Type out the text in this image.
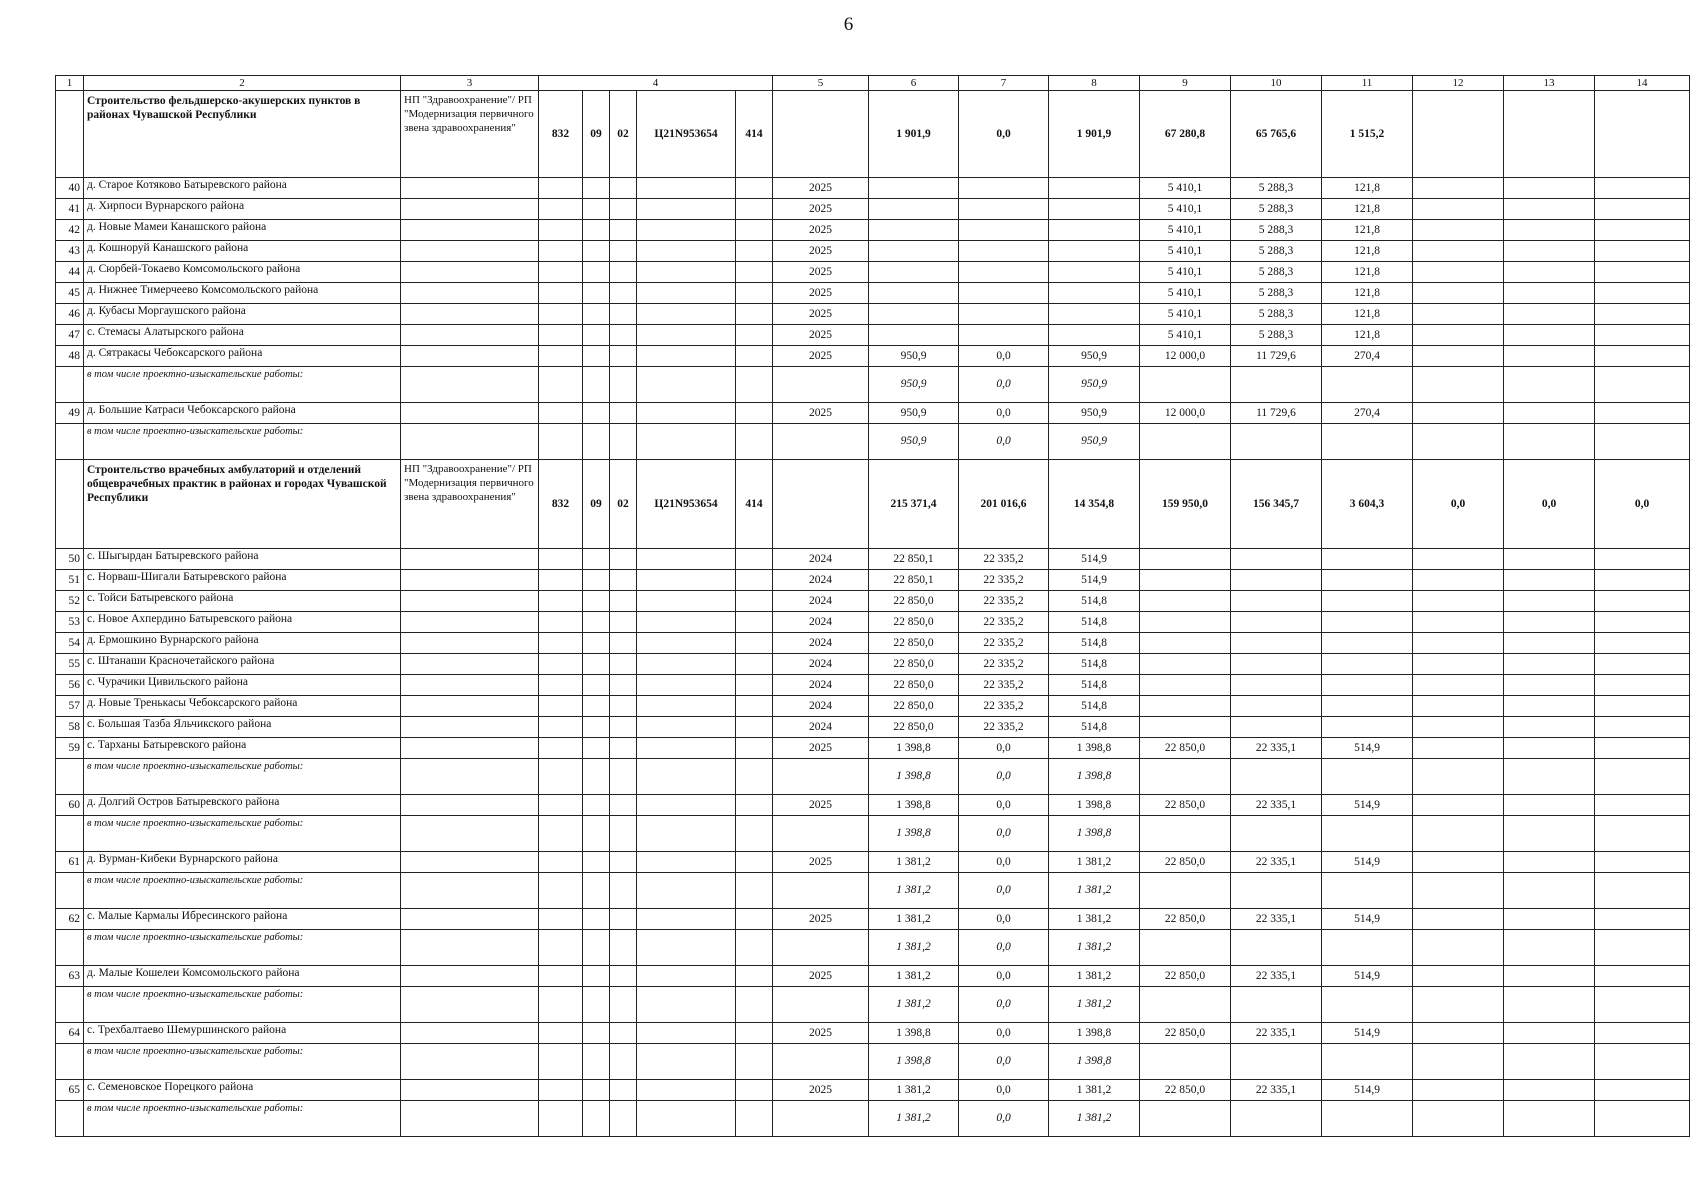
6
1	2	3	4					5	6	7	8	9	10	11	12	13	14
	Строительство фельдшерско-акушерских пунктов в районах Чувашской Республики	НП "Здравоохранение"/ РП "Модернизация первичного звена здравоохранения"	832	09	02	Ц21N953654	414		1 901,9	0,0	1 901,9	67 280,8	65 765,6	1 515,2			
40	д. Старое Котяково Батыревского района							2025				5 410,1	5 288,3	121,8			
41	д. Хирпоси Вурнарского района							2025				5 410,1	5 288,3	121,8			
42	д. Новые Мамеи Канашского района							2025				5 410,1	5 288,3	121,8			
43	д. Кошноруй Канашского района							2025				5 410,1	5 288,3	121,8			
44	д. Сюрбей-Токаево Комсомольского района							2025				5 410,1	5 288,3	121,8			
45	д. Нижнее Тимерчеево Комсомольского района							2025				5 410,1	5 288,3	121,8			
46	д. Кубасы Моргаушского района							2025				5 410,1	5 288,3	121,8			
47	с. Стемасы Алатырского района							2025				5 410,1	5 288,3	121,8			
48	д. Сятракасы Чебоксарского района							2025	950,9	0,0	950,9	12 000,0	11 729,6	270,4			
	в том числе проектно-изыскательские работы:								950,9	0,0	950,9						
49	д. Большие Катраси Чебоксарского района							2025	950,9	0,0	950,9	12 000,0	11 729,6	270,4			
	в том числе проектно-изыскательские работы:								950,9	0,0	950,9						
	Строительство врачебных амбулаторий и отделений общеврачебных практик в районах и городах Чувашской Республики	НП "Здравоохранение"/ РП "Модернизация первичного звена здравоохранения"	832	09	02	Ц21N953654	414		215 371,4	201 016,6	14 354,8	159 950,0	156 345,7	3 604,3	0,0	0,0	0,0
50	с. Шыгырдан Батыревского района							2024	22 850,1	22 335,2	514,9						
51	с. Норваш-Шигали Батыревского района							2024	22 850,1	22 335,2	514,9						
52	с. Тойси Батыревского района							2024	22 850,0	22 335,2	514,8						
53	с. Новое Ахпердино Батыревского района							2024	22 850,0	22 335,2	514,8						
54	д. Ермошкино Вурнарского района							2024	22 850,0	22 335,2	514,8						
55	с. Штанаши Красночетайского района							2024	22 850,0	22 335,2	514,8						
56	с. Чурачики Цивильского района							2024	22 850,0	22 335,2	514,8						
57	д. Новые Тренькасы Чебоксарского района							2024	22 850,0	22 335,2	514,8						
58	с. Большая Тазба Яльчикского района							2024	22 850,0	22 335,2	514,8						
59	с. Тарханы Батыревского района							2025	1 398,8	0,0	1 398,8	22 850,0	22 335,1	514,9			
	в том числе проектно-изыскательские работы:								1 398,8	0,0	1 398,8						
60	д. Долгий Остров Батыревского района							2025	1 398,8	0,0	1 398,8	22 850,0	22 335,1	514,9			
	в том числе проектно-изыскательские работы:								1 398,8	0,0	1 398,8						
61	д. Вурман-Кибеки Вурнарского района							2025	1 381,2	0,0	1 381,2	22 850,0	22 335,1	514,9			
	в том числе проектно-изыскательские работы:								1 381,2	0,0	1 381,2						
62	с. Малые Кармалы Ибресинского района							2025	1 381,2	0,0	1 381,2	22 850,0	22 335,1	514,9			
	в том числе проектно-изыскательские работы:								1 381,2	0,0	1 381,2						
63	д. Малые Кошелеи Комсомольского района							2025	1 381,2	0,0	1 381,2	22 850,0	22 335,1	514,9			
	в том числе проектно-изыскательские работы:								1 381,2	0,0	1 381,2						
64	с. Трехбалтаево Шемуршинского района							2025	1 398,8	0,0	1 398,8	22 850,0	22 335,1	514,9			
	в том числе проектно-изыскательские работы:								1 398,8	0,0	1 398,8						
65	с. Семеновское Порецкого района							2025	1 381,2	0,0	1 381,2	22 850,0	22 335,1	514,9			
	в том числе проектно-изыскательские работы:								1 381,2	0,0	1 381,2						
